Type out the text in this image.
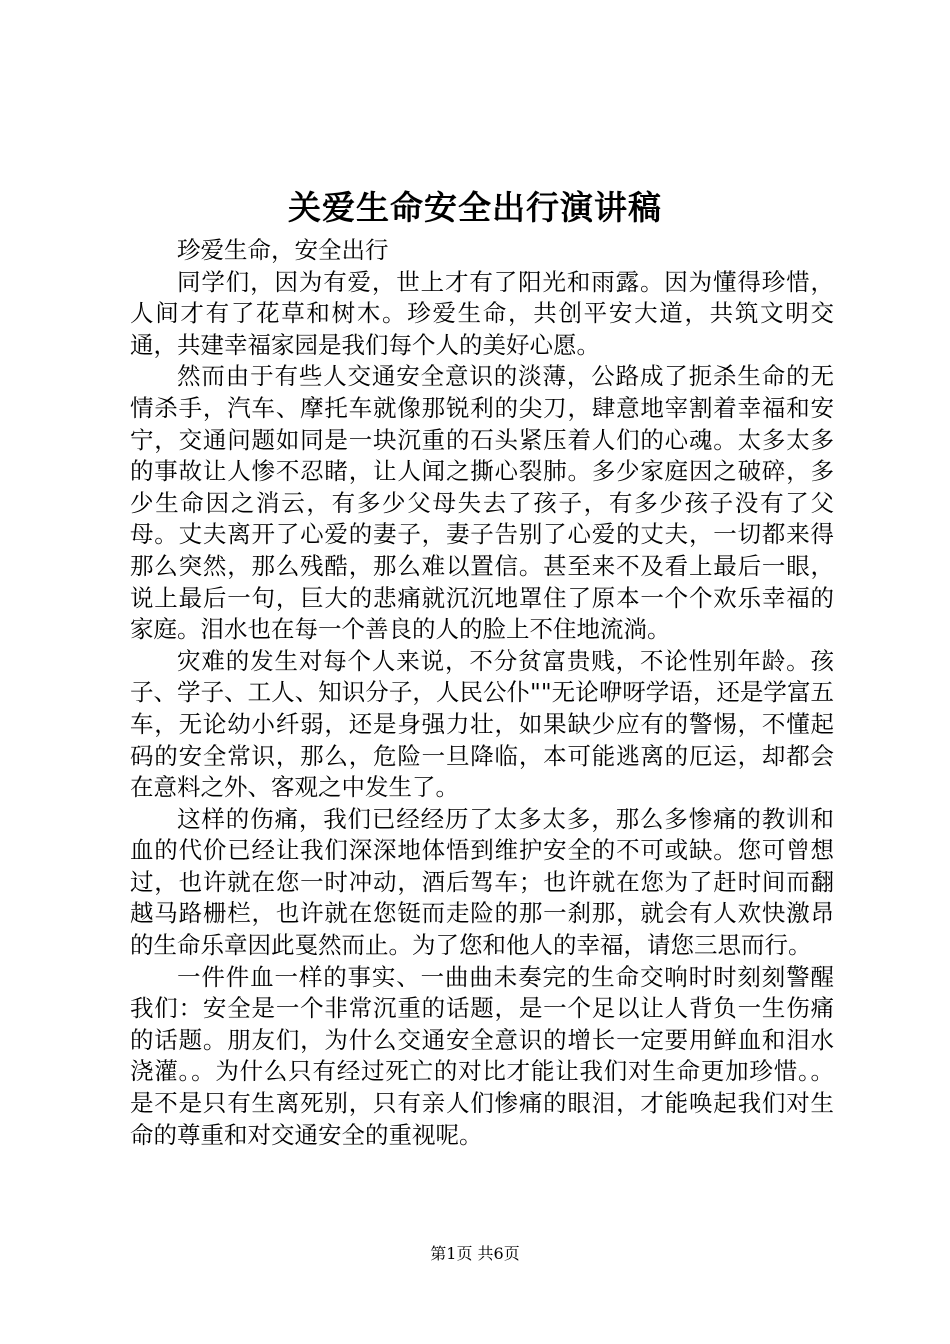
关爱生命安全出行演讲稿

珍爱生命，安全出行

同学们，因为有爱，世上才有了阳光和雨露。因为懂得珍惜，人间才有了花草和树木。珍爱生命，共创平安大道，共筑文明交通，共建幸福家园是我们每个人的美好心愿。

然而由于有些人交通安全意识的淡薄，公路成了扼杀生命的无情杀手，汽车、摩托车就像那锐利的尖刀，肆意地宰割着幸福和安宁，交通问题如同是一块沉重的石头紧压着人们的心魂。太多太多的事故让人惨不忍睹，让人闻之撕心裂肺。多少家庭因之破碎，多少生命因之消云，有多少父母失去了孩子，有多少孩子没有了父母。丈夫离开了心爱的妻子，妻子告别了心爱的丈夫，一切都来得那么突然，那么残酷，那么难以置信。甚至来不及看上最后一眼，说上最后一句，巨大的悲痛就沉沉地罩住了原本一个个欢乐幸福的家庭。泪水也在每一个善良的人的脸上不住地流淌。

灾难的发生对每个人来说，不分贫富贵贱，不论性别年龄。孩子、学子、工人、知识分子，人民公仆""无论咿呀学语，还是学富五车，无论幼小纤弱，还是身强力壮，如果缺少应有的警惕，不懂起码的安全常识，那么，危险一旦降临，本可能逃离的厄运，却都会在意料之外、客观之中发生了。

这样的伤痛，我们已经经历了太多太多，那么多惨痛的教训和血的代价已经让我们深深地体悟到维护安全的不可或缺。您可曾想过，也许就在您一时冲动，酒后驾车；也许就在您为了赶时间而翻越马路栅栏，也许就在您铤而走险的那一刹那，就会有人欢快激昂的生命乐章因此戛然而止。为了您和他人的幸福，请您三思而行。

一件件血一样的事实、一曲曲未奏完的生命交响时时刻刻警醒我们：安全是一个非常沉重的话题，是一个足以让人背负一生伤痛的话题。朋友们，为什么交通安全意识的增长一定要用鲜血和泪水浇灌。。为什么只有经过死亡的对比才能让我们对生命更加珍惜。。是不是只有生离死别，只有亲人们惨痛的眼泪，才能唤起我们对生命的尊重和对交通安全的重视呢。

第1页 共6页
